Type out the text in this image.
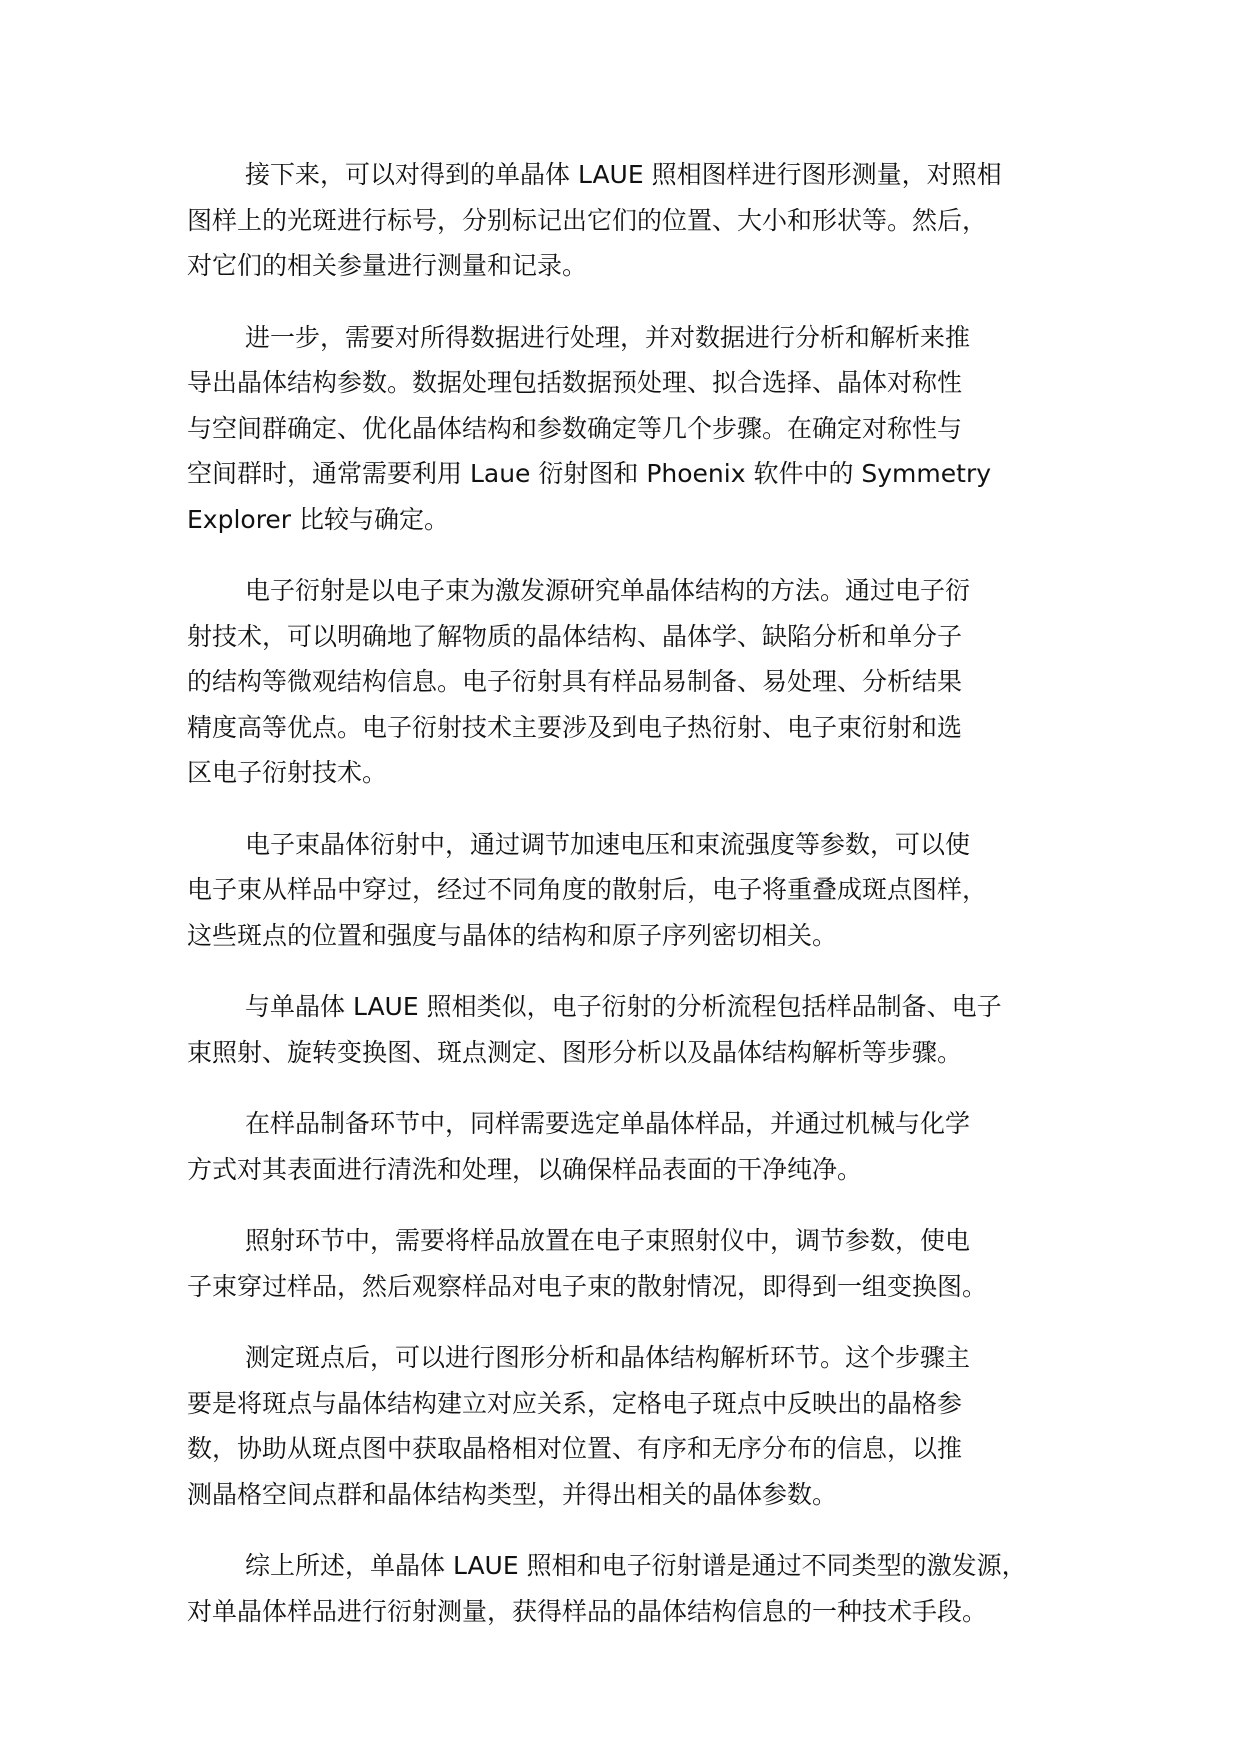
接下来，可以对得到的单晶体 LAUE 照相图样进行图形测量，对照相
图样上的光斑进行标号，分别标记出它们的位置、大小和形状等。然后，
对它们的相关参量进行测量和记录。

进一步，需要对所得数据进行处理，并对数据进行分析和解析来推
导出晶体结构参数。数据处理包括数据预处理、拟合选择、晶体对称性
与空间群确定、优化晶体结构和参数确定等几个步骤。在确定对称性与
空间群时，通常需要利用 Laue 衍射图和 Phoenix 软件中的 Symmetry
Explorer 比较与确定。

电子衍射是以电子束为激发源研究单晶体结构的方法。通过电子衍
射技术，可以明确地了解物质的晶体结构、晶体学、缺陷分析和单分子
的结构等微观结构信息。电子衍射具有样品易制备、易处理、分析结果
精度高等优点。电子衍射技术主要涉及到电子热衍射、电子束衍射和选
区电子衍射技术。

电子束晶体衍射中，通过调节加速电压和束流强度等参数，可以使
电子束从样品中穿过，经过不同角度的散射后，电子将重叠成斑点图样，
这些斑点的位置和强度与晶体的结构和原子序列密切相关。

与单晶体 LAUE 照相类似，电子衍射的分析流程包括样品制备、电子
束照射、旋转变换图、斑点测定、图形分析以及晶体结构解析等步骤。

在样品制备环节中，同样需要选定单晶体样品，并通过机械与化学
方式对其表面进行清洗和处理，以确保样品表面的干净纯净。

照射环节中，需要将样品放置在电子束照射仪中，调节参数，使电
子束穿过样品，然后观察样品对电子束的散射情况，即得到一组变换图。

测定斑点后，可以进行图形分析和晶体结构解析环节。这个步骤主
要是将斑点与晶体结构建立对应关系，定格电子斑点中反映出的晶格参
数，协助从斑点图中获取晶格相对位置、有序和无序分布的信息，以推
测晶格空间点群和晶体结构类型，并得出相关的晶体参数。

综上所述，单晶体 LAUE 照相和电子衍射谱是通过不同类型的激发源，
对单晶体样品进行衍射测量，获得样品的晶体结构信息的一种技术手段。
